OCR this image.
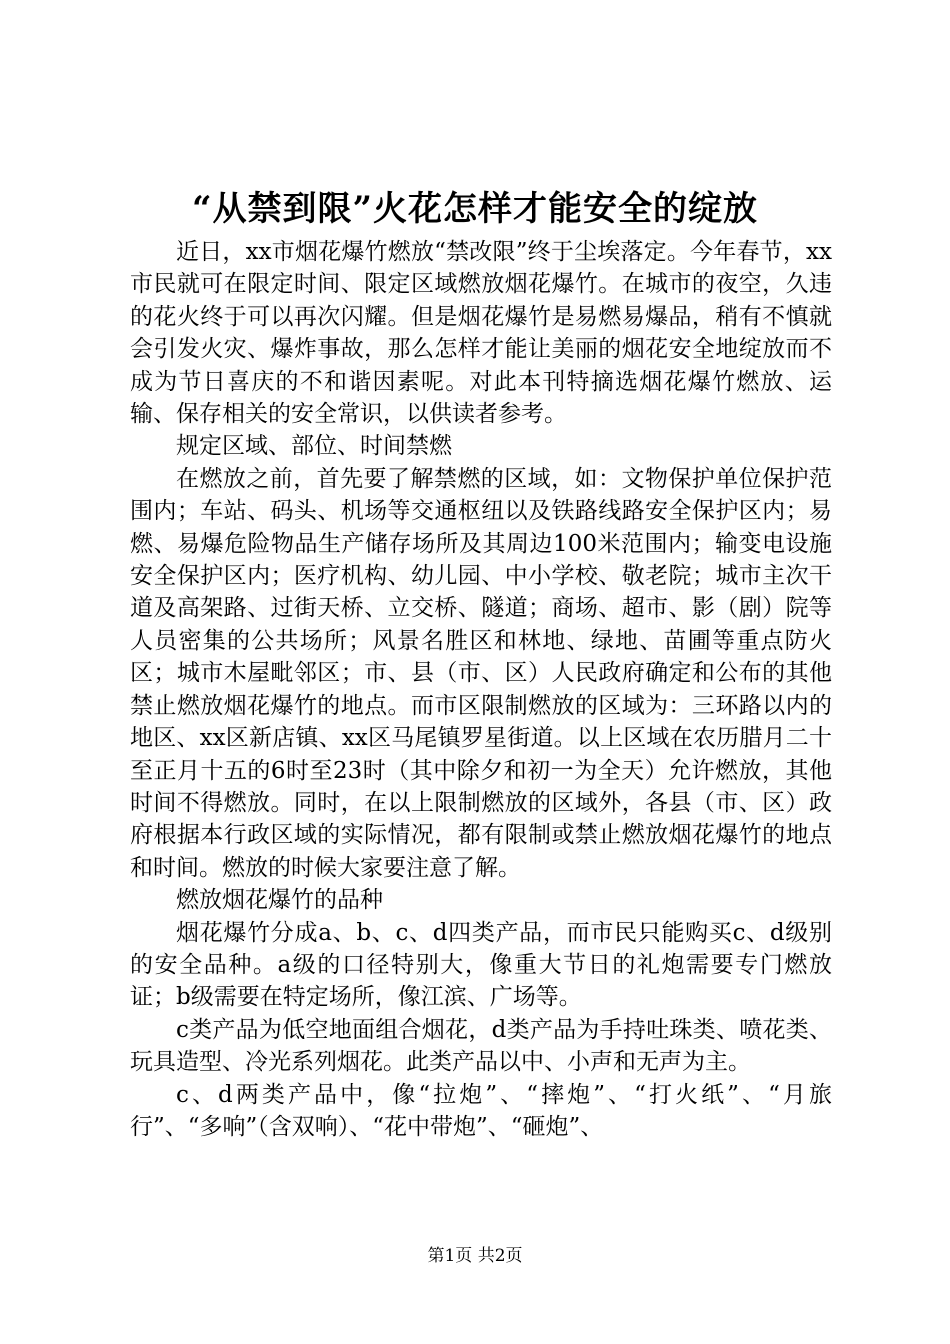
“从禁到限”火花怎样才能安全的绽放

近日，xx市烟花爆竹燃放“禁改限”终于尘埃落定。今年春节，xx市民就可在限定时间、限定区域燃放烟花爆竹。在城市的夜空，久违的花火终于可以再次闪耀。但是烟花爆竹是易燃易爆品，稍有不慎就会引发火灾、爆炸事故，那么怎样才能让美丽的烟花安全地绽放而不成为节日喜庆的不和谐因素呢。对此本刊特摘选烟花爆竹燃放、运输、保存相关的安全常识，以供读者参考。

规定区域、部位、时间禁燃

在燃放之前，首先要了解禁燃的区域，如：文物保护单位保护范围内；车站、码头、机场等交通枢纽以及铁路线路安全保护区内；易燃、易爆危险物品生产储存场所及其周边100米范围内；输变电设施安全保护区内；医疗机构、幼儿园、中小学校、敬老院；城市主次干道及高架路、过街天桥、立交桥、隧道；商场、超市、影（剧）院等人员密集的公共场所；风景名胜区和林地、绿地、苗圃等重点防火区；城市木屋毗邻区；市、县（市、区）人民政府确定和公布的其他禁止燃放烟花爆竹的地点。而市区限制燃放的区域为：三环路以内的地区、xx区新店镇、xx区马尾镇罗星街道。以上区域在农历腊月二十至正月十五的6时至23时（其中除夕和初一为全天）允许燃放，其他时间不得燃放。同时，在以上限制燃放的区域外，各县（市、区）政府根据本行政区域的实际情况，都有限制或禁止燃放烟花爆竹的地点和时间。燃放的时候大家要注意了解。

燃放烟花爆竹的品种

烟花爆竹分成a、b、c、d四类产品，而市民只能购买c、d级别的安全品种。a级的口径特别大，像重大节日的礼炮需要专门燃放证；b级需要在特定场所，像江滨、广场等。

c类产品为低空地面组合烟花，d类产品为手持吐珠类、喷花类、玩具造型、冷光系列烟花。此类产品以中、小声和无声为主。

c、d两类产品中，像“拉炮”、“摔炮”、“打火纸”、“月旅行”、“多响”（含双响）、“花中带炮”、“砸炮”、

第1页 共2页
